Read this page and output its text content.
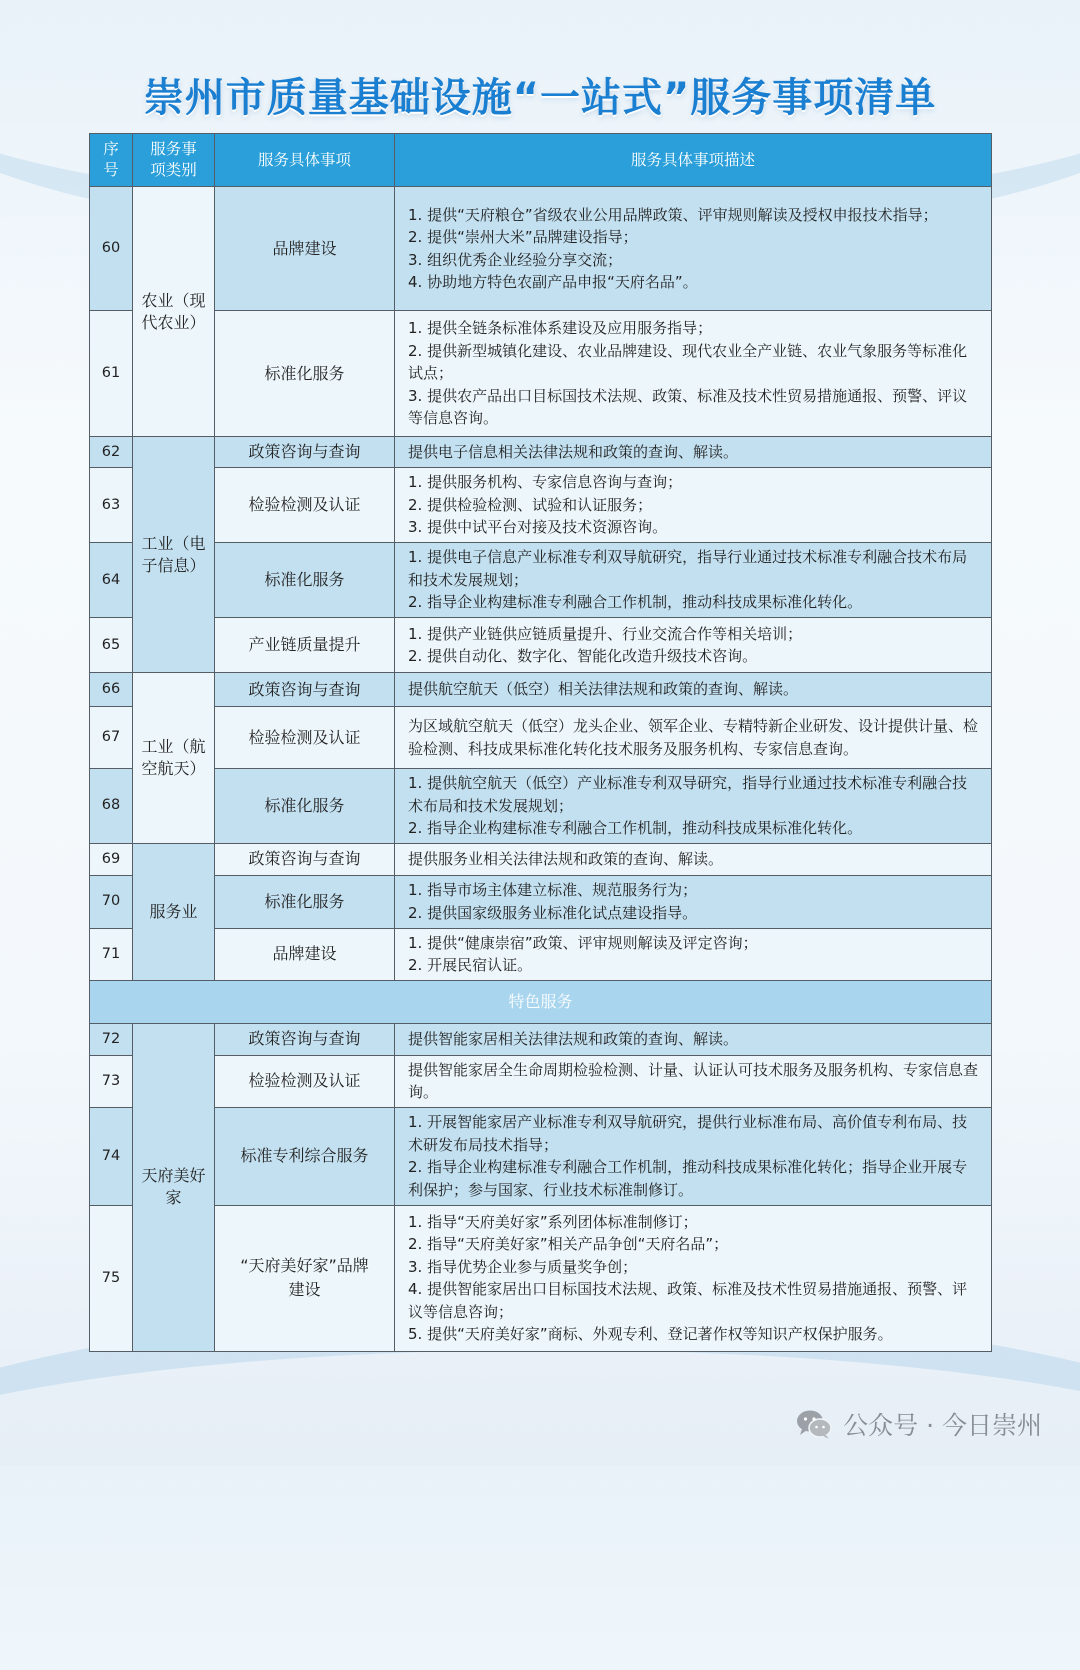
崇州市质量基础设施“一站式”服务事项清单
序号	服务事项类别	服务具体事项	服务具体事项描述
60	农业（现代农业）	品牌建设	1. 提供“天府粮仓”省级农业公用品牌政策、评审规则解读及授权申报技术指导；
2. 提供“崇州大米”品牌建设指导；
3. 组织优秀企业经验分享交流；
4. 协助地方特色农副产品申报“天府名品”。

61		标准化服务	1. 提供全链条标准体系建设及应用服务指导；
2. 提供新型城镇化建设、农业品牌建设、现代农业全产业链、农业气象服务等标准化试点；
3. 提供农产品出口目标国技术法规、政策、标准及技术性贸易措施通报、预警、评议等信息咨询。

62	工业（电子信息）	政策咨询与查询	提供电子信息相关法律法规和政策的查询、解读。

63		检验检测及认证	1. 提供服务机构、专家信息咨询与查询；
2. 提供检验检测、试验和认证服务；
3. 提供中试平台对接及技术资源咨询。

64		标准化服务	1. 提供电子信息产业标准专利双导航研究，指导行业通过技术标准专利融合技术布局和技术发展规划；
2. 指导企业构建标准专利融合工作机制，推动科技成果标准化转化。

65		产业链质量提升	1. 提供产业链供应链质量提升、行业交流合作等相关培训；
2. 提供自动化、数字化、智能化改造升级技术咨询。

66	工业（航空航天）	政策咨询与查询	提供航空航天（低空）相关法律法规和政策的查询、解读。

67		检验检测及认证	为区域航空航天（低空）龙头企业、领军企业、专精特新企业研发、设计提供计量、检验检测、科技成果标准化转化技术服务及服务机构、专家信息查询。

68		标准化服务	1. 提供航空航天（低空）产业标准专利双导研究，指导行业通过技术标准专利融合技术布局和技术发展规划；
2. 指导企业构建标准专利融合工作机制，推动科技成果标准化转化。

69	服务业	政策咨询与查询	提供服务业相关法律法规和政策的查询、解读。

70		标准化服务	1. 指导市场主体建立标准、规范服务行为；
2. 提供国家级服务业标准化试点建设指导。

71		品牌建设	1. 提供“健康崇宿”政策、评审规则解读及评定咨询；
2. 开展民宿认证。

特色服务			
72	天府美好家	政策咨询与查询	提供智能家居相关法律法规和政策的查询、解读。

73		检验检测及认证	提供智能家居全生命周期检验检测、计量、认证认可技术服务及服务机构、专家信息查询。

74		标准专利综合服务	1. 开展智能家居产业标准专利双导航研究，提供行业标准布局、高价值专利布局、技术研发布局技术指导；
2. 指导企业构建标准专利融合工作机制，推动科技成果标准化转化；指导企业开展专利保护；参与国家、行业技术标准制修订。

75		“天府美好家”品牌建设	1. 指导“天府美好家”系列团体标准制修订；
2. 指导“天府美好家”相关产品争创“天府名品”；
3. 指导优势企业参与质量奖争创；
4. 提供智能家居出口目标国技术法规、政策、标准及技术性贸易措施通报、预警、评议等信息咨询；
5. 提供“天府美好家”商标、外观专利、登记著作权等知识产权保护服务。
公众号 · 今日崇州
